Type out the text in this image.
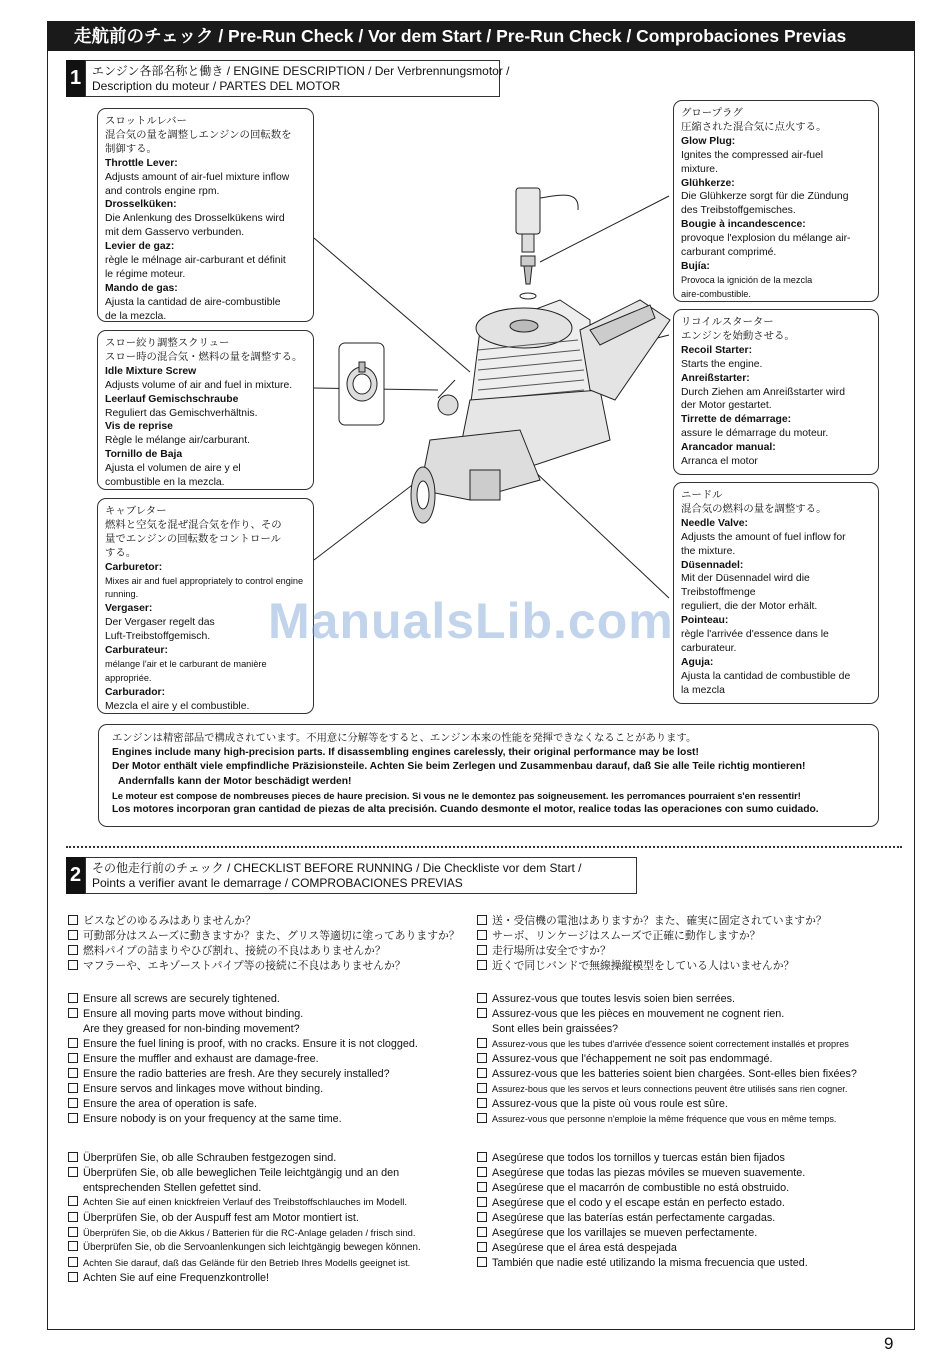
走航前のチェック / Pre-Run Check / Vor dem Start / Pre-Run Check / Comprobaciones Previas
1 エンジン各部名称と働き / ENGINE DESCRIPTION / Der Verbrennungsmotor /
Description du moteur / PARTES DEL MOTOR
スロットルレバー
混合気の量を調整しエンジンの回転数を
制御する。
Throttle Lever:
Adjusts amount of air-fuel mixture inflow
and controls engine rpm.
Drosselküken:
Die Anlenkung des Drosselkükens wird
mit dem Gasservo verbunden.
Levier de gaz:
règle le mélnage air-carburant et définit
le régime moteur.
Mando de gas:
Ajusta la cantidad de aire-combustible
de la mezcla.
スロー絞り調整スクリュー
スロー時の混合気・燃料の量を調整する。
Idle Mixture Screw
Adjusts volume of air and fuel in mixture.
Leerlauf Gemischschraube
Reguliert das Gemischverhältnis.
Vis de reprise
Règle le mélange air/carburant.
Tornillo de Baja
Ajusta el volumen de aire y el
combustible en la mezcla.
キャブレター
燃料と空気を混ぜ混合気を作り、その
量でエンジンの回転数をコントロール
する。
Carburetor:
Mixes air and fuel appropriately to control engine
running.
Vergaser:
Der Vergaser regelt das
Luft-Treibstoffgemisch.
Carburateur:
mélange l'air et le carburant de manière
appropriée.
Carburador:
Mezcla el aire y el combustible.
グロープラグ
圧縮された混合気に点火する。
Glow Plug:
Ignites the compressed air-fuel
mixture.
Glühkerze:
Die Glühkerze sorgt für die Zündung
des Treibstoffgemisches.
Bougie à incandescence:
provoque l'explosion du mélange air-
carburant comprimé.
Bujía:
Provoca la ignición de la mezcla
aire-combustible.
リコイルスターター
エンジンを始動させる。
Recoil Starter:
Starts the engine.
Anreißstarter:
Durch Ziehen am Anreißstarter wird
der Motor gestartet.
Tirrette de démarrage:
assure le démarrage du moteur.
Arancador manual:
Arranca el motor
ニードル
混合気の燃料の量を調整する。
Needle Valve:
Adjusts the amount of fuel inflow for
the mixture.
Düsennadel:
Mit der Düsennadel wird die
Treibstoffmenge
reguliert, die der Motor erhält.
Pointeau:
règle l'arrivée d'essence dans le
carburateur.
Aguja:
Ajusta la cantidad de combustible de
la mezcla
ManualsLib.com
エンジンは精密部品で構成されています。不用意に分解等をすると、エンジン本来の性能を発揮できなくなることがあります。
Engines include many high-precision parts. If disassembling engines carelessly, their original performance may be lost!
Der Motor enthält viele empfindliche Präzisionsteile. Achten Sie beim Zerlegen und Zusammenbau darauf, daß Sie alle Teile richtig montieren!
Andernfalls kann der Motor beschädigt werden!
Le moteur est compose de nombreuses pieces de haure precision. Si vous ne le demontez pas soigneusement. les perromances pourraient s'en ressentir!
Los motores incorporan gran cantidad de piezas de alta precisión. Cuando desmonte el motor, realice todas las operaciones con sumo cuidado.
2 その他走行前のチェック / CHECKLIST BEFORE RUNNING / Die Checkliste vor dem Start /
Points a verifier avant le demarrage / COMPROBACIONES PREVIAS
ビスなどのゆるみはありませんか？
可動部分はスムーズに動きますか？また、グリス等適切に塗ってありますか？
燃料パイプの詰まりやひび割れ、接続の不良はありませんか？
マフラーや、エキゾーストパイプ等の接続に不良はありませんか？
送・受信機の電池はありますか？また、確実に固定されていますか？
サーボ、リンケージはスムーズで正確に動作しますか？
走行場所は安全ですか？
近くで同じバンドで無線操縦模型をしている人はいませんか？
Ensure all screws are securely tightened.
Ensure all moving parts move without binding.
Are they greased for non-binding movement?
Ensure the fuel lining is proof, with no cracks. Ensure it is not clogged.
Ensure the muffler and exhaust are damage-free.
Ensure the radio batteries are fresh. Are they securely installed?
Ensure servos and linkages move without binding.
Ensure the area of operation is safe.
Ensure nobody is on your frequency at the same time.
Assurez-vous que toutes lesvis soien bien serrées.
Assurez-vous que les pièces en mouvement ne cognent rien.
Sont elles bein graissées?
Assurez-vous que les tubes d'arrivée d'essence soient correctement installés et propres
Assurez-vous que l'échappement ne soit pas endommagé.
Assurez-vous que les batteries soient bien chargées. Sont-elles bien fixées?
Assurez-bous que les servos et leurs connections peuvent être utilisés sans rien cogner.
Assurez-vous que la piste où vous roule est sûre.
Assurez-vous que personne n'emploie la même fréquence que vous en même temps.
Überprüfen Sie, ob alle Schrauben festgezogen sind.
Überprüfen Sie, ob alle beweglichen Teile leichtgängig und an den
entsprechenden Stellen gefettet sind.
Achten Sie auf einen knickfreien Verlauf des Treibstoffschlauches im Modell.
Überprüfen Sie, ob der Auspuff fest am Motor montiert ist.
Überprüfen Sie, ob die Akkus / Batterien für die RC-Anlage geladen / frisch sind.
Überprüfen Sie, ob die Servoanlenkungen sich leichtgängig bewegen können.
Achten Sie darauf, daß das Gelände für den Betrieb Ihres Modells geeignet ist.
Achten Sie auf eine Frequenzkontrolle!
Asegúrese que todos los tornillos y tuercas están bien fijados
Asegúrese que todas las piezas móviles se mueven suavemente.
Asegúrese que el macarrón de combustible no está obstruido.
Asegúrese que el codo y el escape están en perfecto estado.
Asegúrese que las baterías están perfectamente cargadas.
Asegúrese que los varillajes se mueven perfectamente.
Asegúrese que el área está despejada
También que nadie esté utilizando la misma frecuencia que usted.
9
